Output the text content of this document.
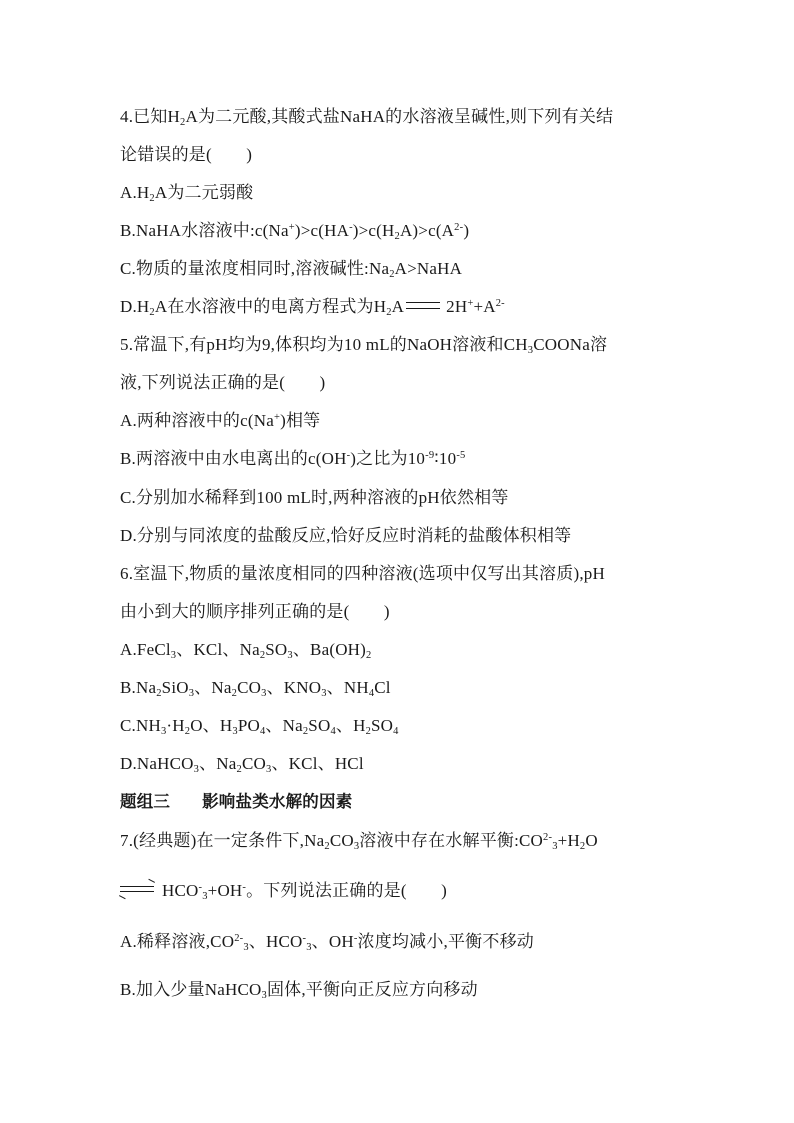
4.已知$H_2A$为二元酸,其酸式盐NaHA的水溶液呈碱性,则下列有关结
论错误的是(　　)
$A.H_2A$为二元弱酸
B.NaHA水溶液中$:c(Na^+)>c(HA^-)>c(H_2A)>c(A^{2-})$
C.物质的量浓度相同时,溶液碱性$:Na_2A>NaHA$
$D.H_2A$在水溶液中的电离方程式为$H_2A$ $2H^++A^{2-}$
5.常温下,有pH均为9,体积均为10 mL的NaOH溶液和$CH_3COONa$溶
液,下列说法正确的是(　　)
A.两种溶液中的c(Na+)相等
B.两溶液中由水电离出的c(OH-)之比为$10^{-9}∶10^{-5}$
C.分别加水稀释到100 mL时,两种溶液的pH依然相等
D.分别与同浓度的盐酸反应,恰好反应时消耗的盐酸体积相等
6.室温下,物质的量浓度相同的四种溶液(选项中仅写出其溶质),pH
由小到大的顺序排列正确的是(　　)
A.FeCl$_3$、KCl、$Na_2SO_3$、$Ba(OH)_2$
$B.Na_2SiO_3$、$Na_2CO_3$、$KNO_3$、$NH_4Cl$
$C.NH_3\cdot H_2O$、$H_3PO_4$、$Na_2SO_4$、$H_2SO_4$
D.NaHCO$_3$、$Na_2CO_3$、KCl、HCl
题组三 影响盐类水解的因素
7.(经典题)在一定条件下$,Na_2CO_3$溶液中存在水解平衡$:CO^{2-}_3+H_2O$
→ $HCO^-_3+OH^-$。下列说法正确的是(　　)
A.稀释溶液$,CO^{2-}_3$、$HCO^-_3$、OH-浓度均减小,平衡不移动
B.加入少量NaHCO$_3$固体,平衡向正反应方向移动
